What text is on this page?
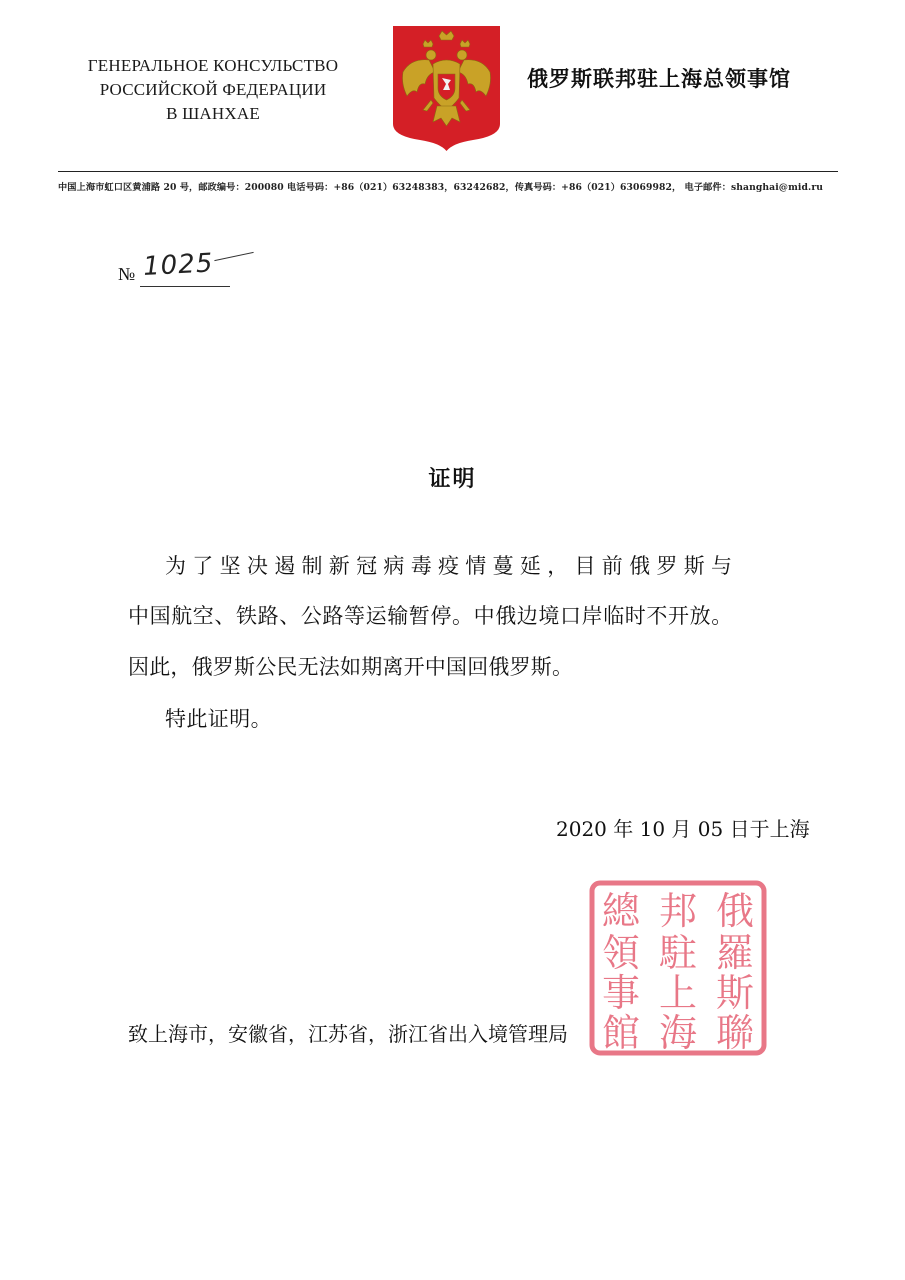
ГЕНЕРАЛЬНОЕ КОНСУЛЬСТВО
РОССИЙСКОЙ ФЕДЕРАЦИИ
В ШАНХАЕ
俄罗斯联邦驻上海总领事馆
中国上海市虹口区黄浦路 20 号，邮政编号：200080 电话号码：+86（021）63248383，63242682，传真号码：+86（021）63069982， 电子邮件：shanghai@mid.ru
№ 1025
证明
为了坚决遏制新冠病毒疫情蔓延，目前俄罗斯与
中国航空、铁路、公路等运输暂停。中俄边境口岸临时不开放。
因此，俄罗斯公民无法如期离开中国回俄罗斯。
特此证明。
2020 年 10 月 05 日于上海
致上海市，安徽省，江苏省，浙江省出入境管理局
俄
羅
斯
聯
邦
駐
上
海
總
領
事
館
